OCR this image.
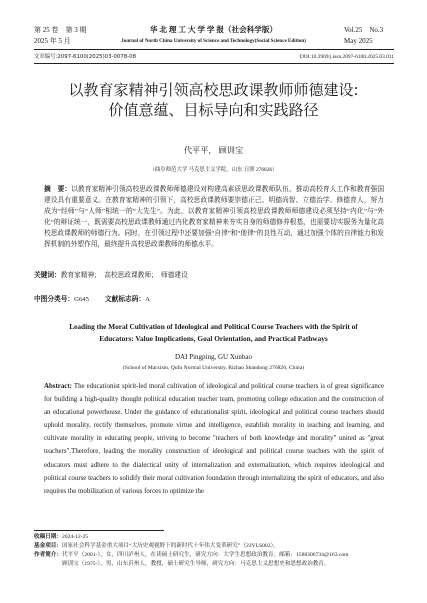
第 25 卷　第 3 期
2025 年 5 月
华 北 理 工 大 学 学 报（社会科学版）
Journal of North China University of Science and Technology(Social Science Edition)
Vol.25　No.3
May 2025
文章编号:2097-6100(2025)03-0078-08	DOI:10.3969/j.issn.2097-6100.2025.03.011
以教育家精神引领高校思政课教师师德建设:
价值意蕴、目标导向和实践路径
代平平， 顾训宝
（曲阜师范大学 马克思主义学院，山东 日照 276826）
摘　要：以教育家精神引领高校思政课教师师德建设对构建高素质思政课教师队伍、推动高校育人工作和教育强国建设具有重要意义。在教育家精神的引领下，高校思政课教师要崇德正己、明德尚智、立德治学、修德育人，努力成为“经师”与“人师”相统一的“大先生”。为此，以教育家精神引领高校思政课教师师德建设必须坚持“内化”与“外化”的辩证统一，既需要高校思政课教师通过内化教育家精神来夯实自身的师德修养根基，也需要切实服务为量化高校思政课教师的师德行为。同时，在引领过程中还要加强“自律”和“他律”的良性互动，通过加强个体的自律能力和发挥机制的外塑作用，最终提升高校思政课教师的师德水平。
关键词：教育家精神；　高校思政课教师；　师德建设
中图分类号：G645 文献标志码：A
Leading the Moral Cultivation of Ideological and Political Course Teachers with the Spirit of
Educators: Value Implications, Goal Orientation, and Practical Pathways
DAI Pingping, GU Xunbao
(School of Marxism, Qufu Normal University, Rizhao Shandong 276826, China)
Abstract: The educationist spirit-led moral cultivation of ideological and political course teachers is of great significance for building a high-quality thought political education teacher team, promoting college education and the construction of an educational powerhouse. Under the guidance of educationalist spirit, ideological and political course teachers should uphold morality, rectify themselves, promote virtue and intelligence, establish morality in teaching and learning, and cultivate morality in educating people, striving to become "teachers of both knowledge and morality" united as "great teachers".Therefore, leading the morality construction of ideological and political course teachers with the spirit of educators must adhere to the dialectical unity of internalization and externalization, which requires ideological and political course teachers to solidify their moral cultivation foundation through internalizing the spirit of educators, and also requires the mobilization of various forces to optimize the
收稿日期：2024-12-25
基金项目：国家社会科学基金重大项目“大历史观视野下的新时代十年伟大变革研究”（23VLS002）。
作者简介：代平平（2001-），女，四川泸州人，在读硕士研究生，研究方向：大学生思想政治教育。邮箱：1588306734@163.com
顾训宝（1975-），男，山东沂州人，教授，硕士研究生导师，研究方向：马克思主义思想史和思想政治教育。
